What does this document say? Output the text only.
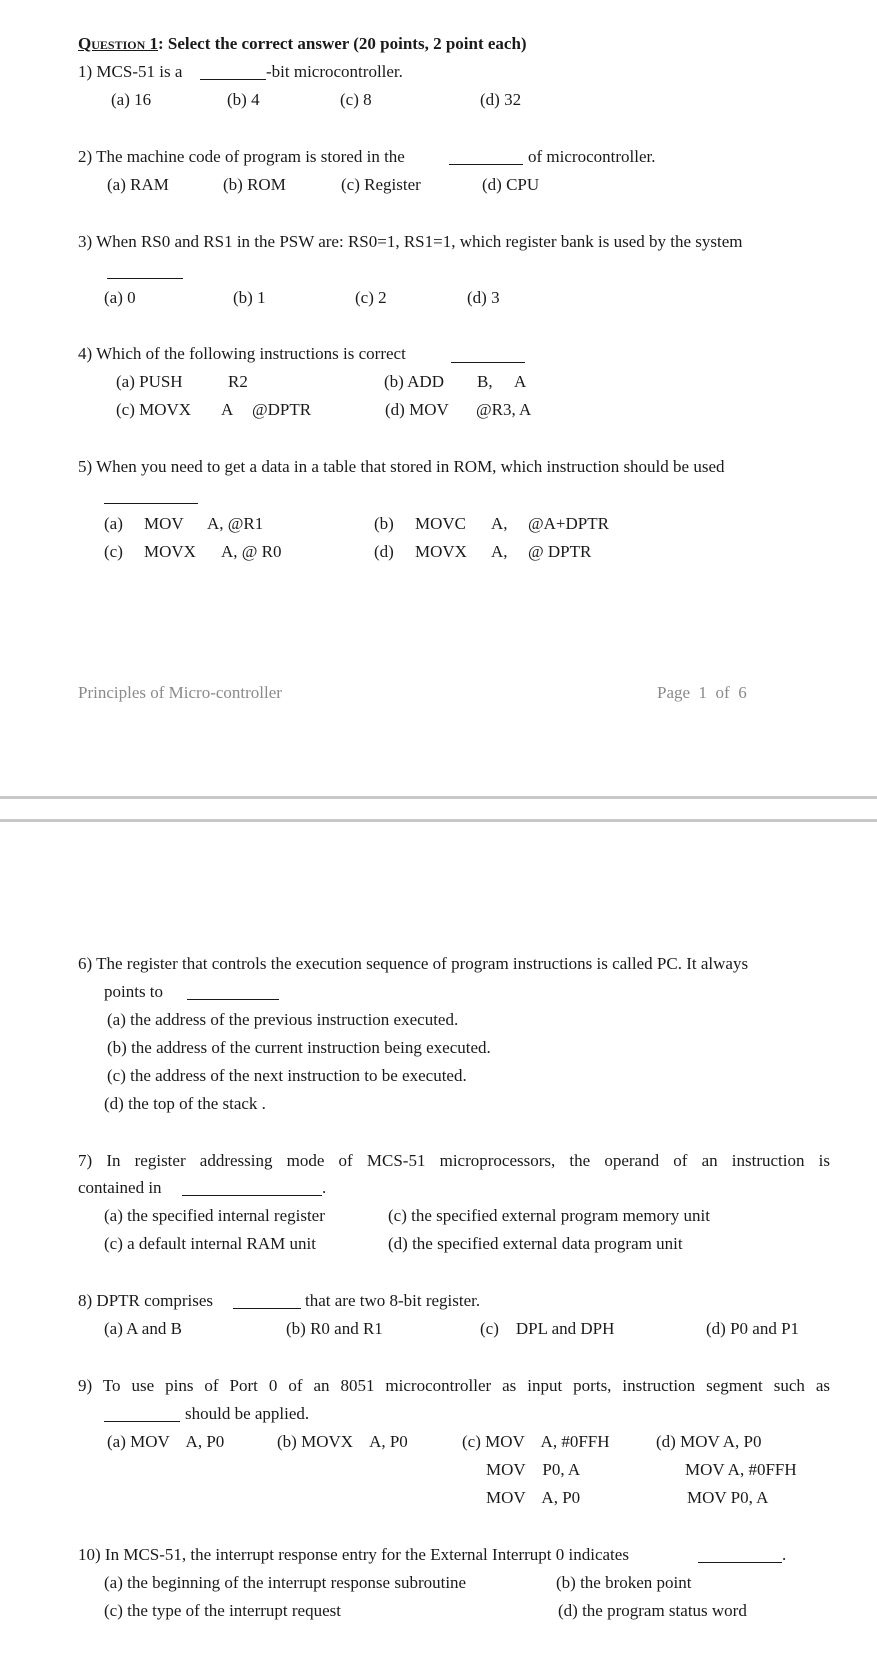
Question 1: Select the correct answer (20 points, 2 point each)
1) MCS-51 is a	-bit microcontroller.
(a) 16	(b) 4	(c) 8	(d) 32
2) The machine code of program is stored in the	of microcontroller.
(a) RAM	(b) ROM	(c) Register	(d) CPU
3) When RS0 and RS1 in the PSW are: RS0=1, RS1=1, which register bank is used by the system
(a) 0	(b) 1	(c) 2	(d) 3
4) Which of the following instructions is correct
(a) PUSH	R2	(b) ADD B, A
(c) MOVX A @DPTR	(d) MOV @R3, A
5) When you need to get a data in a table that stored in ROM, which instruction should be used
(a) MOV A, @R1	(b) MOVC A, @A+DPTR
(c) MOVX A, @ R0	(d) MOVX A, @ DPTR
Principles of Micro-controller	Page  1  of  6
6) The register that controls the execution sequence of program instructions is called PC. It always
points to
(a) the address of the previous instruction executed.
(b) the address of the current instruction being executed.
(c) the address of the next instruction to be executed.
(d) the top of the stack .
7) In register addressing mode of MCS-51 microprocessors, the operand of an instruction is
contained in	.
(a) the specified internal register	(c) the specified external program memory unit
(c) a default internal RAM unit	(d) the specified external data program unit
8) DPTR comprises	that are two 8-bit register.
(a) A and B	(b) R0 and R1	(c)    DPL and DPH	(d) P0 and P1
9) To use pins of Port 0 of an 8051 microcontroller as input ports, instruction segment such as
should be applied.
(a) MOV    A, P0	(b) MOVX    A, P0	(c) MOV    A, #0FFH
MOV    P0, A
MOV    A, P0
(d) MOV A, P0
MOV A, #0FFH
MOV P0, A
10) In MCS-51, the interrupt response entry for the External Interrupt 0 indicates	.
(a) the beginning of the interrupt response subroutine	(b) the broken point
(c) the type of the interrupt request	(d) the program status word
